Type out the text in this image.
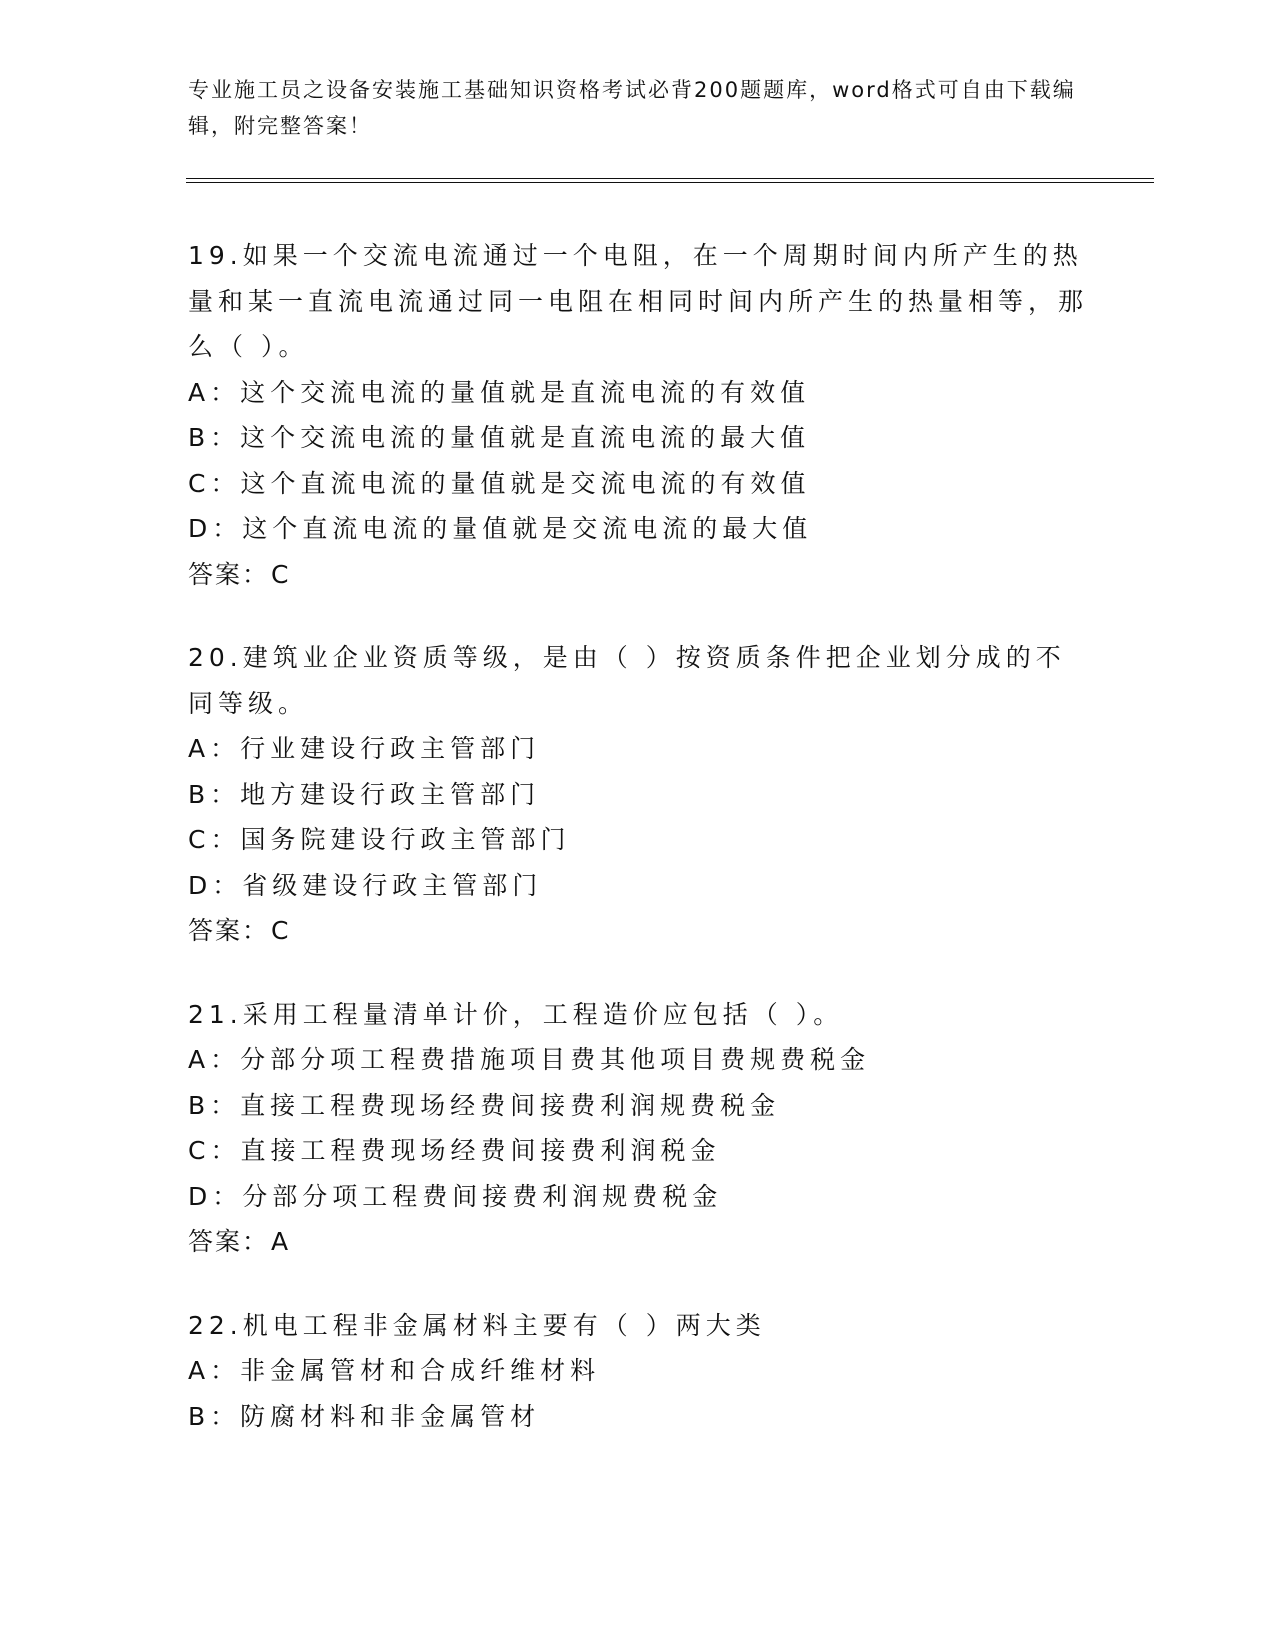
专业施工员之设备安装施工基础知识资格考试必背200题题库，word格式可自由下载编辑，附完整答案！
19.如果一个交流电流通过一个电阻，在一个周期时间内所产生的热量和某一直流电流通过同一电阻在相同时间内所产生的热量相等，那么（ ）。
A：这个交流电流的量值就是直流电流的有效值
B：这个交流电流的量值就是直流电流的最大值
C：这个直流电流的量值就是交流电流的有效值
D：这个直流电流的量值就是交流电流的最大值
答案：C
20.建筑业企业资质等级，是由（ ）按资质条件把企业划分成的不同等级。
A：行业建设行政主管部门
B：地方建设行政主管部门
C：国务院建设行政主管部门
D：省级建设行政主管部门
答案：C
21.采用工程量清单计价，工程造价应包括（ ）。
A：分部分项工程费措施项目费其他项目费规费税金
B：直接工程费现场经费间接费利润规费税金
C：直接工程费现场经费间接费利润税金
D：分部分项工程费间接费利润规费税金
答案：A
22.机电工程非金属材料主要有（ ）两大类
A：非金属管材和合成纤维材料
B：防腐材料和非金属管材
